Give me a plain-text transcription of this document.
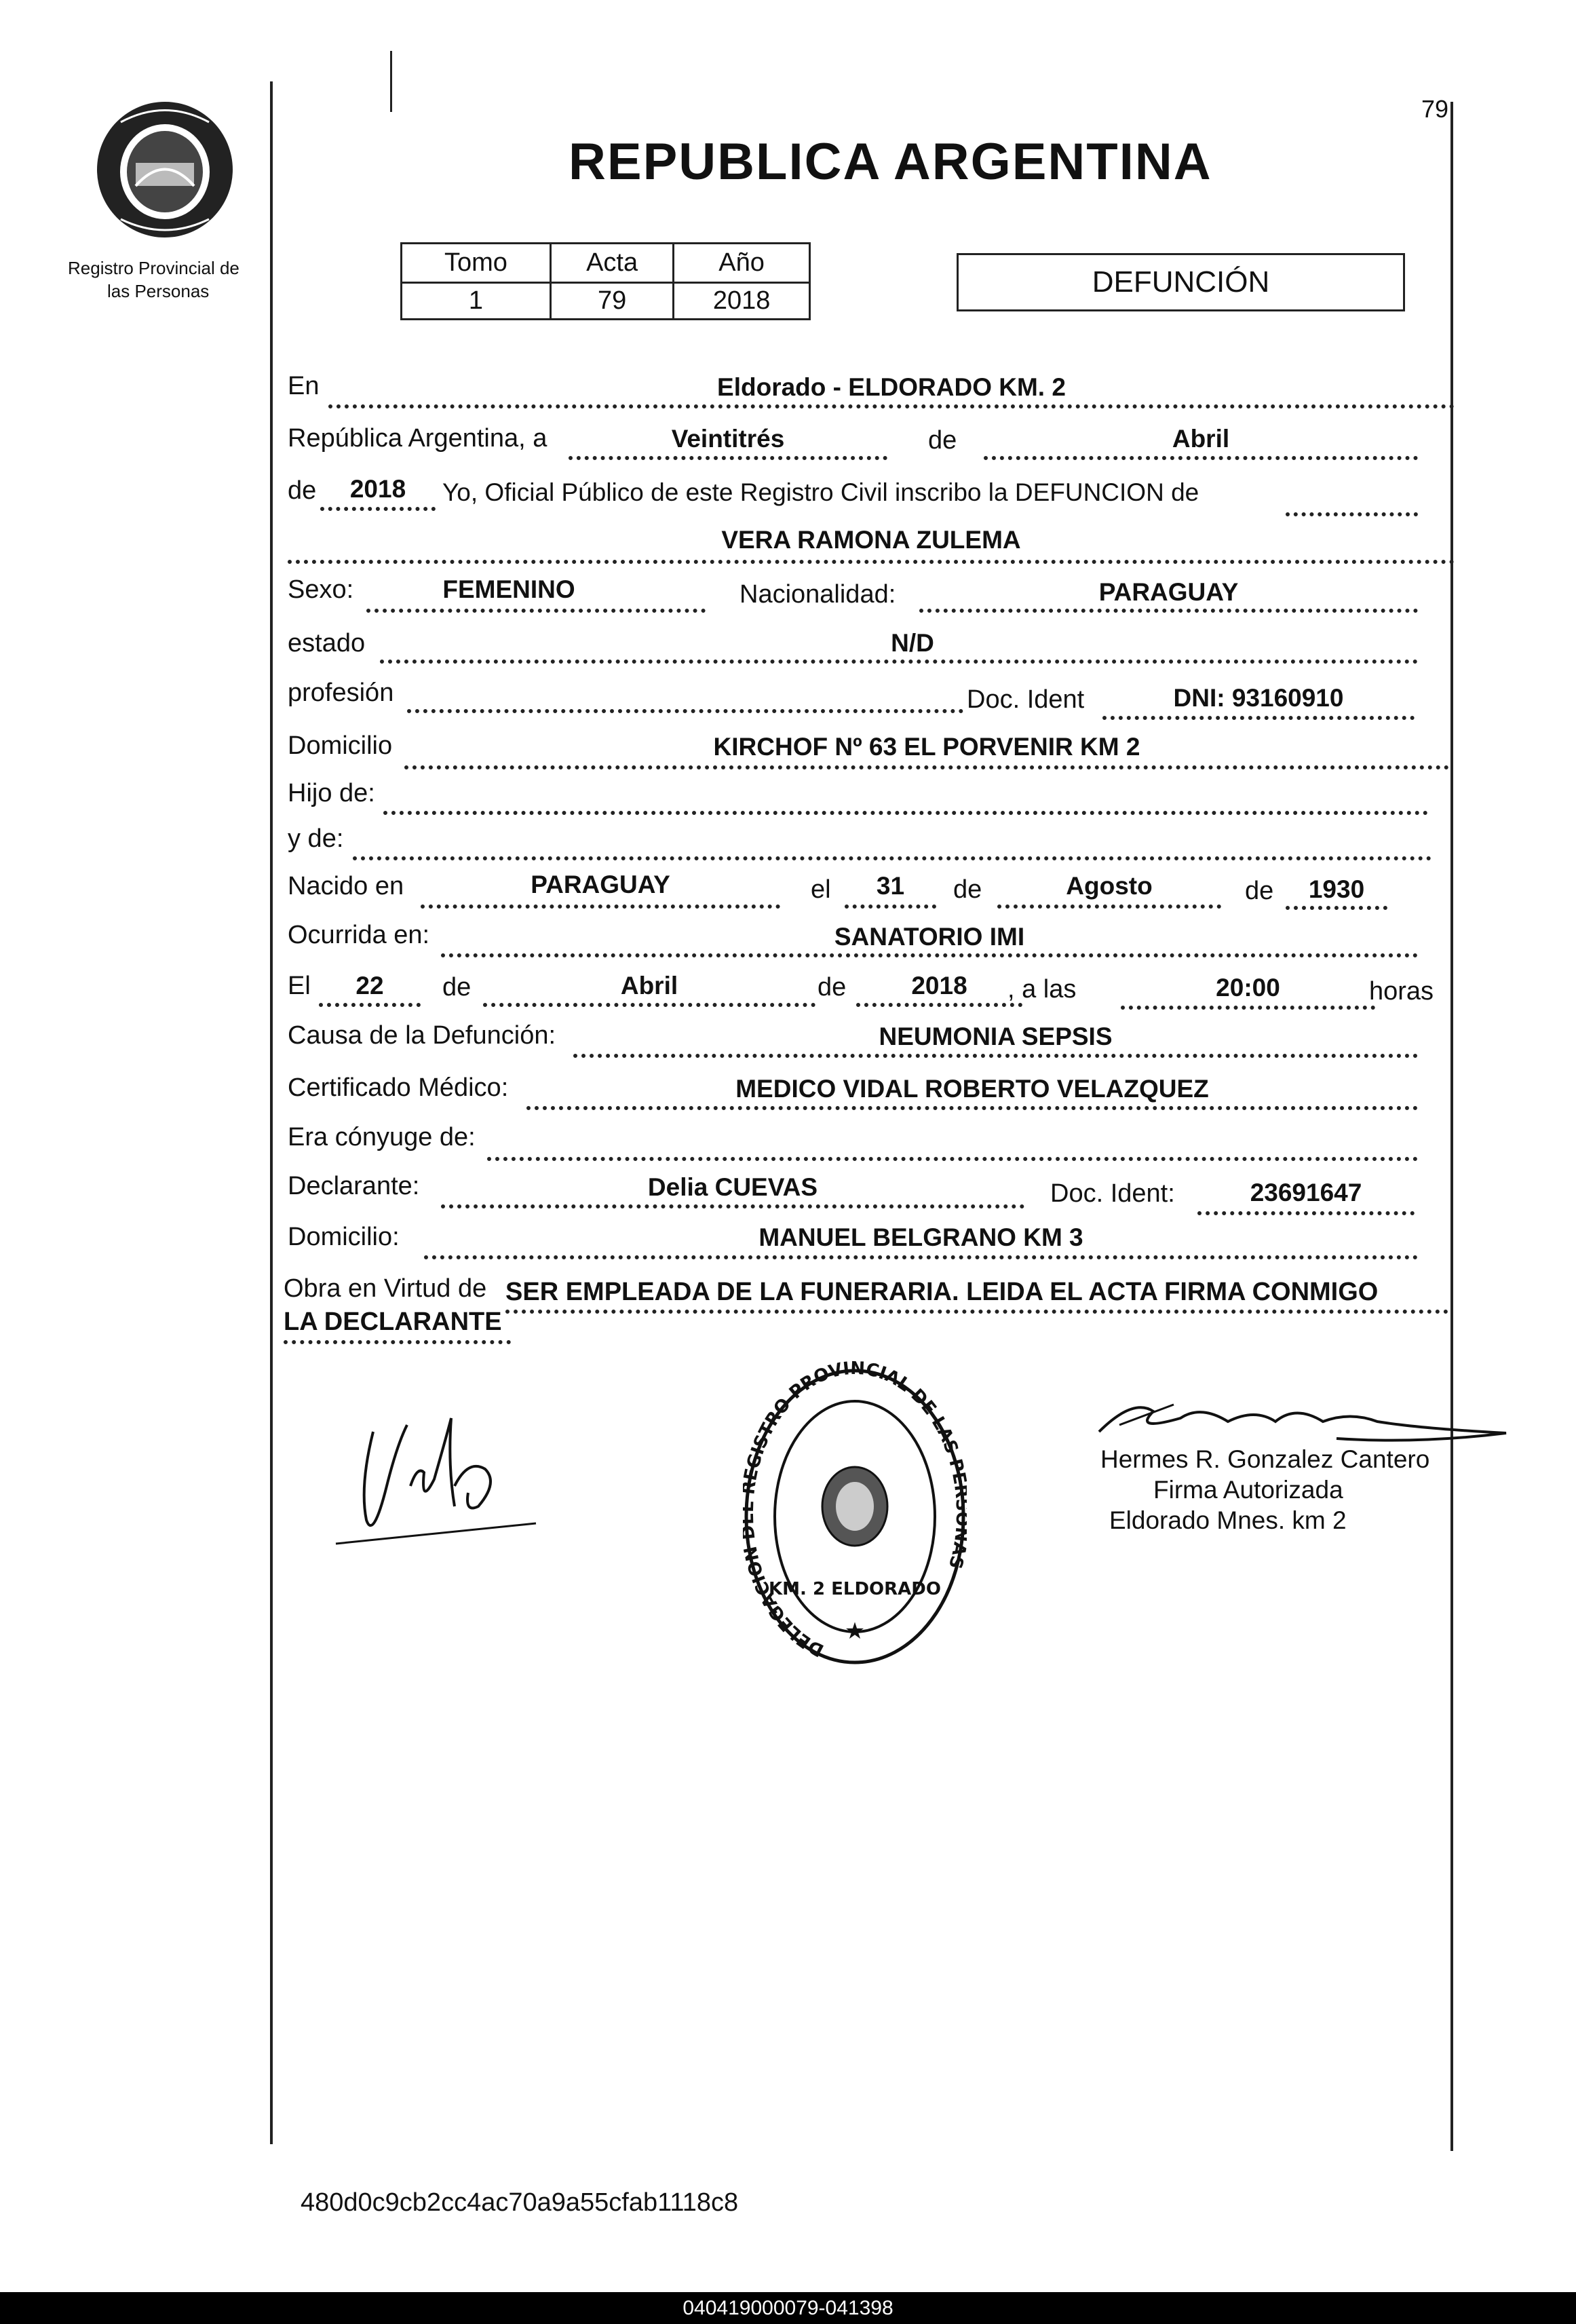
Registro Provincial de
las Personas
79
REPUBLICA ARGENTINA
Tomo	Acta	Año
1	79	2018
DEFUNCIÓN
En	Eldorado - ELDORADO KM. 2
República Argentina, a	Veintitrés	de	Abril
de	2018	Yo, Oficial Público de este Registro Civil inscribo la DEFUNCION de
VERA RAMONA ZULEMA
Sexo:	FEMENINO	Nacionalidad:	PARAGUAY
estado	N/D
profesión	Doc. Ident	DNI: 93160910
Domicilio	KIRCHOF Nº 63 EL PORVENIR KM 2
Hijo de:
y de:
Nacido en	PARAGUAY	el	31	de	Agosto	de	1930
Ocurrida en:	SANATORIO IMI
El	22	de	Abril	de	2018	, a las	20:00	horas
Causa de la Defunción:	NEUMONIA SEPSIS
Certificado Médico:	MEDICO VIDAL ROBERTO VELAZQUEZ
Era cónyuge de:
Declarante:	Delia CUEVAS	Doc. Ident:	23691647
Domicilio:	MANUEL BELGRANO KM 3
Obra en Virtud de SER EMPLEADA DE LA FUNERARIA. LEIDA EL ACTA FIRMA CONMIGO
LA DECLARANTE
DELEGACIO GISTRO PROVINCIAL DE LAS P S
KM. 2 ELDORADO
★
Hermes R. Gonzalez Cantero
Firma Autorizada
Eldorado Mnes. km 2
480d0c9cb2cc4ac70a9a55cfab1118c8
040419000079-041398
